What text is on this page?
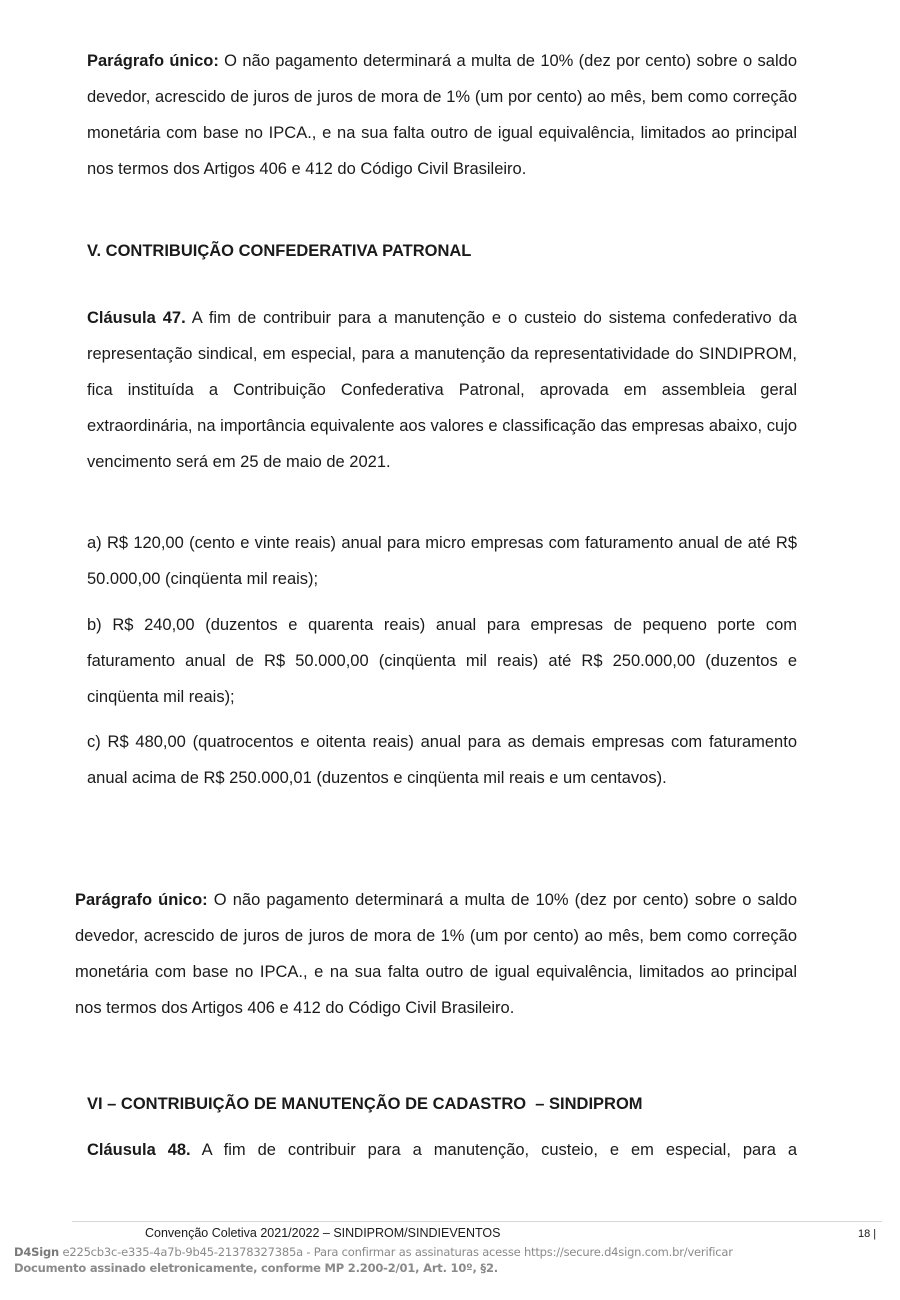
Parágrafo único: O não pagamento determinará a multa de 10% (dez por cento) sobre o saldo devedor, acrescido de juros de juros de mora de 1% (um por cento) ao mês, bem como correção monetária com base no IPCA., e na sua falta outro de igual equivalência, limitados ao principal nos termos dos Artigos 406 e 412 do Código Civil Brasileiro.

V. CONTRIBUIÇÃO CONFEDERATIVA PATRONAL

Cláusula 47. A fim de contribuir para a manutenção e o custeio do sistema confederativo da representação sindical, em especial, para a manutenção da representatividade do SINDIPROM, fica instituída a Contribuição Confederativa Patronal, aprovada em assembleia geral extraordinária, na importância equivalente aos valores e classificação das empresas abaixo, cujo vencimento será em 25 de maio de 2021.

a) R$ 120,00 (cento e vinte reais) anual para micro empresas com faturamento anual de até R$ 50.000,00 (cinqüenta mil reais);

b) R$ 240,00 (duzentos e quarenta reais) anual para empresas de pequeno porte com faturamento anual de R$ 50.000,00 (cinqüenta mil reais) até R$ 250.000,00 (duzentos e cinqüenta mil reais);

c) R$ 480,00 (quatrocentos e oitenta reais) anual para as demais empresas com faturamento anual acima de R$ 250.000,01 (duzentos e cinqüenta mil reais e um centavos).

Parágrafo único: O não pagamento determinará a multa de 10% (dez por cento) sobre o saldo devedor, acrescido de juros de juros de mora de 1% (um por cento) ao mês, bem como correção monetária com base no IPCA., e na sua falta outro de igual equivalência, limitados ao principal nos termos dos Artigos 406 e 412 do Código Civil Brasileiro.

VI – CONTRIBUIÇÃO DE MANUTENÇÃO DE CADASTRO  – SINDIPROM

Cláusula 48. A fim de contribuir para a manutenção, custeio, e em especial, para a

Convenção Coletiva 2021/2022 – SINDIPROM/SINDIEVENTOS	18 |
D4Sign e225cb3c-e335-4a7b-9b45-21378327385a - Para confirmar as assinaturas acesse https://secure.d4sign.com.br/verificar
Documento assinado eletronicamente, conforme MP 2.200-2/01, Art. 10º, §2.
